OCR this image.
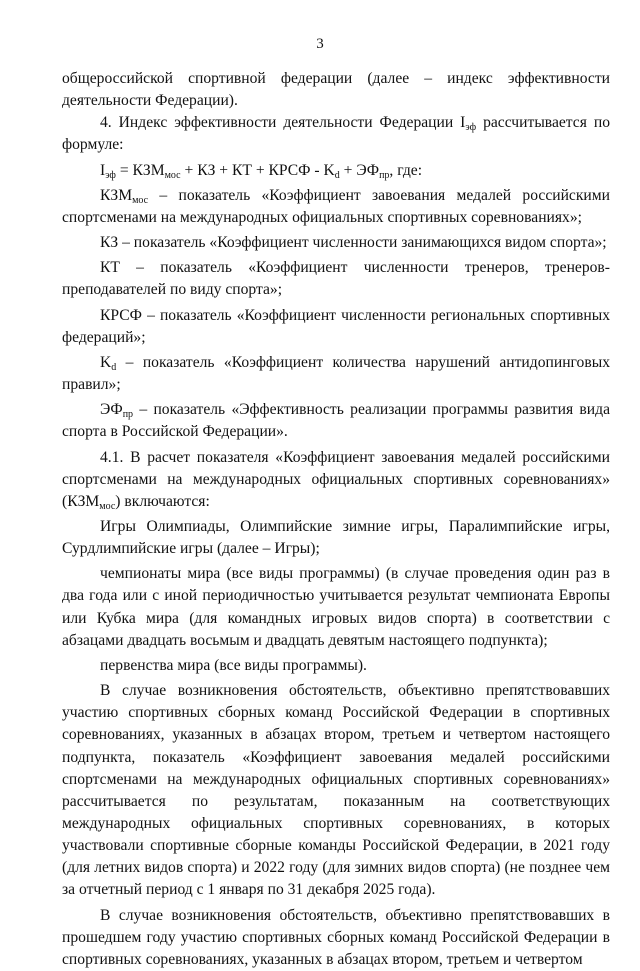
3

общероссийской спортивной федерации (далее – индекс эффективности деятельности Федерации).

4. Индекс эффективности деятельности Федерации $I_{эф}$ рассчитывается по формуле:

$I_{эф} = КЗМ_{мос}$ + КЗ + КТ + КРСФ - $K_d + ЭФ_{пр}$, где:

$КЗМ_{мос}$ – показатель «Коэффициент завоевания медалей российскими спортсменами на международных официальных спортивных соревнованиях»;

КЗ – показатель «Коэффициент численности занимающихся видом спорта»;

КТ – показатель «Коэффициент численности тренеров, тренеров-преподавателей по виду спорта»;

КРСФ – показатель «Коэффициент численности региональных спортивных федераций»;

$K_d$ – показатель «Коэффициент количества нарушений антидопинговых правил»;

$ЭФ_{пр}$ – показатель «Эффективность реализации программы развития вида спорта в Российской Федерации».

4.1. В расчет показателя «Коэффициент завоевания медалей российскими спортсменами на международных официальных спортивных соревнованиях» $(КЗМ_{мос})$ включаются:

Игры Олимпиады, Олимпийские зимние игры, Паралимпийские игры, Сурдлимпийские игры (далее – Игры);

чемпионаты мира (все виды программы) (в случае проведения один раз в два года или с иной периодичностью учитывается результат чемпионата Европы или Кубка мира (для командных игровых видов спорта) в соответствии с абзацами двадцать восьмым и двадцать девятым настоящего подпункта);

первенства мира (все виды программы).

В случае возникновения обстоятельств, объективно препятствовавших участию спортивных сборных команд Российской Федерации в спортивных соревнованиях, указанных в абзацах втором, третьем и четвертом настоящего подпункта, показатель «Коэффициент завоевания медалей российскими спортсменами на международных официальных спортивных соревнованиях» рассчитывается по результатам, показанным на соответствующих международных официальных спортивных соревнованиях, в которых участвовали спортивные сборные команды Российской Федерации, в 2021 году (для летних видов спорта) и 2022 году (для зимних видов спорта) (не позднее чем за отчетный период с 1 января по 31 декабря 2025 года).

В случае возникновения обстоятельств, объективно препятствовавших в прошедшем году участию спортивных сборных команд Российской Федерации в спортивных соревнованиях, указанных в абзацах втором, третьем и четвертом
